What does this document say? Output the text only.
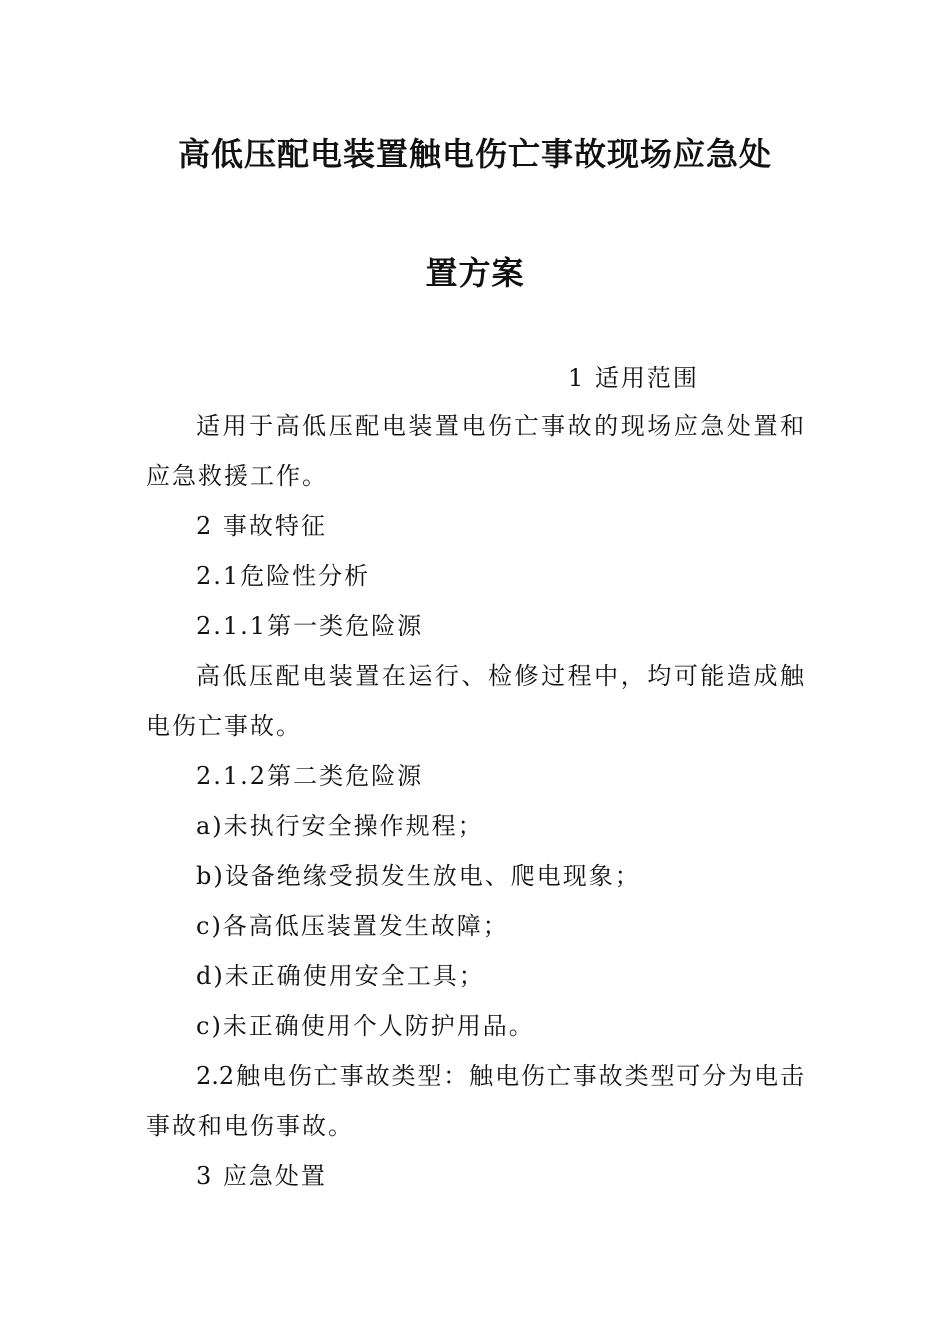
高低压配电装置触电伤亡事故现场应急处
置方案
1 适用范围
适用于高低压配电装置电伤亡事故的现场应急处置和
应急救援工作。
2 事故特征
2.1危险性分析
2.1.1第一类危险源
高低压配电装置在运行、检修过程中，均可能造成触
电伤亡事故。
2.1.2第二类危险源
a)未执行安全操作规程；
b)设备绝缘受损发生放电、爬电现象；
c)各高低压装置发生故障；
d)未正确使用安全工具；
c)未正确使用个人防护用品。
2.2触电伤亡事故类型：触电伤亡事故类型可分为电击
事故和电伤事故。
3 应急处置
